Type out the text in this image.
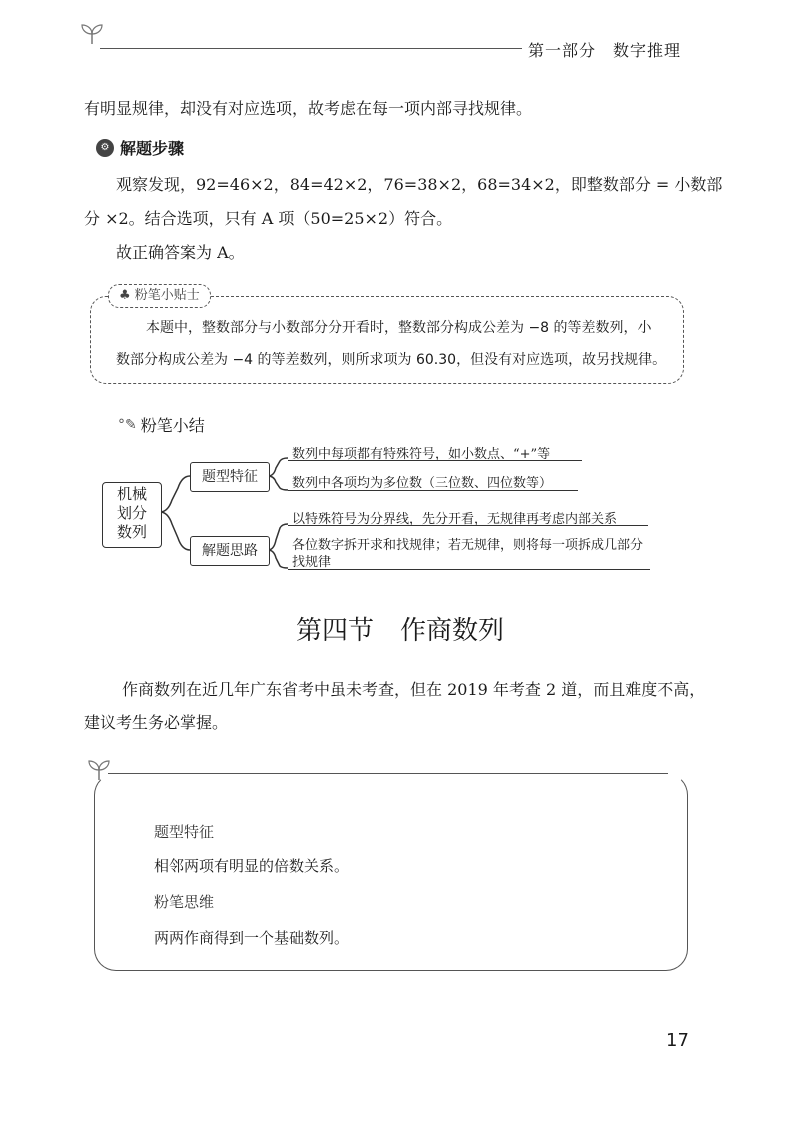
第一部分　数字推理
有明显规律，却没有对应选项，故考虑在每一项内部寻找规律。
⚙ 解题步骤
观察发现，92=46×2，84=42×2，76=38×2，68=34×2，即整数部分 = 小数部
分 ×2。结合选项，只有 A 项（50=25×2）符合。
故正确答案为 A。
♣ 粉笔小贴士
本题中，整数部分与小数部分分开看时，整数部分构成公差为 −8 的等差数列，小
数部分构成公差为 −4 的等差数列，则所求项为 60.30，但没有对应选项，故另找规律。
°✎ 粉笔小结
机械
划分
数列
题型特征
数列中每项都有特殊符号，如小数点、“+”等
数列中各项均为多位数（三位数、四位数等）
解题思路
以特殊符号为分界线，先分开看，无规律再考虑内部关系
各位数字拆开求和找规律；若无规律，则将每一项拆成几部分
找规律
第四节　作商数列
作商数列在近几年广东省考中虽未考查，但在 2019 年考查 2 道，而且难度不高，
建议考生务必掌握。
题型特征
相邻两项有明显的倍数关系。
粉笔思维
两两作商得到一个基础数列。
17
